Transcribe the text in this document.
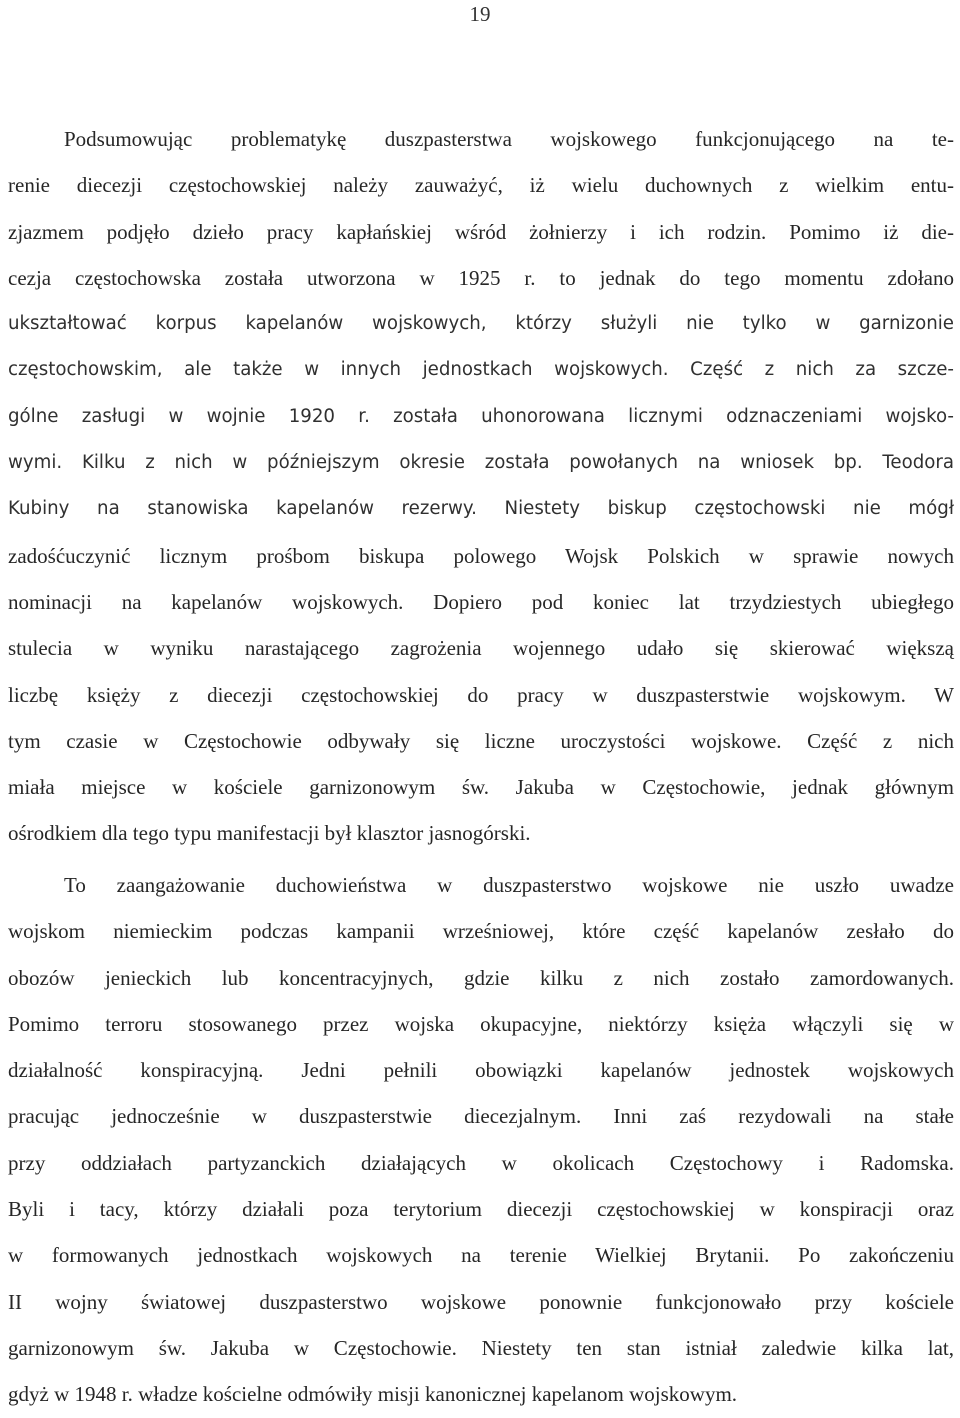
19
Podsumowując problematykę duszpasterstwa wojskowego funkcjonującego na te-
renie diecezji częstochowskiej należy zauważyć, iż wielu duchownych z wielkim entu-
zjazmem podjęło dzieło pracy kapłańskiej wśród żołnierzy i ich rodzin. Pomimo iż die-
cezja częstochowska została utworzona w 1925 r. to jednak do tego momentu zdołano
ukształtować korpus kapelanów wojskowych, którzy służyli nie tylko w garnizonie
częstochowskim, ale także w innych jednostkach wojskowych. Część z nich za szcze-
gólne zasługi w wojnie 1920 r. została uhonorowana licznymi odznaczeniami wojsko-
wymi. Kilku z nich w późniejszym okresie została powołanych na wniosek bp. Teodora
Kubiny na stanowiska kapelanów rezerwy. Niestety biskup częstochowski nie mógł
zadośćuczynić licznym prośbom biskupa polowego Wojsk Polskich w sprawie nowych
nominacji na kapelanów wojskowych. Dopiero pod koniec lat trzydziestych ubiegłego
stulecia w wyniku narastającego zagrożenia wojennego udało się skierować większą
liczbę księży z diecezji częstochowskiej do pracy w duszpasterstwie wojskowym. W
tym czasie w Częstochowie odbywały się liczne uroczystości wojskowe. Część z nich
miała miejsce w kościele garnizonowym św. Jakuba w Częstochowie, jednak głównym
ośrodkiem dla tego typu manifestacji był klasztor jasnogórski.
To zaangażowanie duchowieństwa w duszpasterstwo wojskowe nie uszło uwadze
wojskom niemieckim podczas kampanii wrześniowej, które część kapelanów zesłało do
obozów jenieckich lub koncentracyjnych, gdzie kilku z nich zostało zamordowanych.
Pomimo terroru stosowanego przez wojska okupacyjne, niektórzy księża włączyli się w
działalność konspiracyjną. Jedni pełnili obowiązki kapelanów jednostek wojskowych
pracując jednocześnie w duszpasterstwie diecezjalnym. Inni zaś rezydowali na stałe
przy oddziałach partyzanckich działających w okolicach Częstochowy i Radomska.
Byli i tacy, którzy działali poza terytorium diecezji częstochowskiej w konspiracji oraz
w formowanych jednostkach wojskowych na terenie Wielkiej Brytanii. Po zakończeniu
II wojny światowej duszpasterstwo wojskowe ponownie funkcjonowało przy kościele
garnizonowym św. Jakuba w Częstochowie. Niestety ten stan istniał zaledwie kilka lat,
gdyż w 1948 r. władze kościelne odmówiły misji kanonicznej kapelanom wojskowym.
